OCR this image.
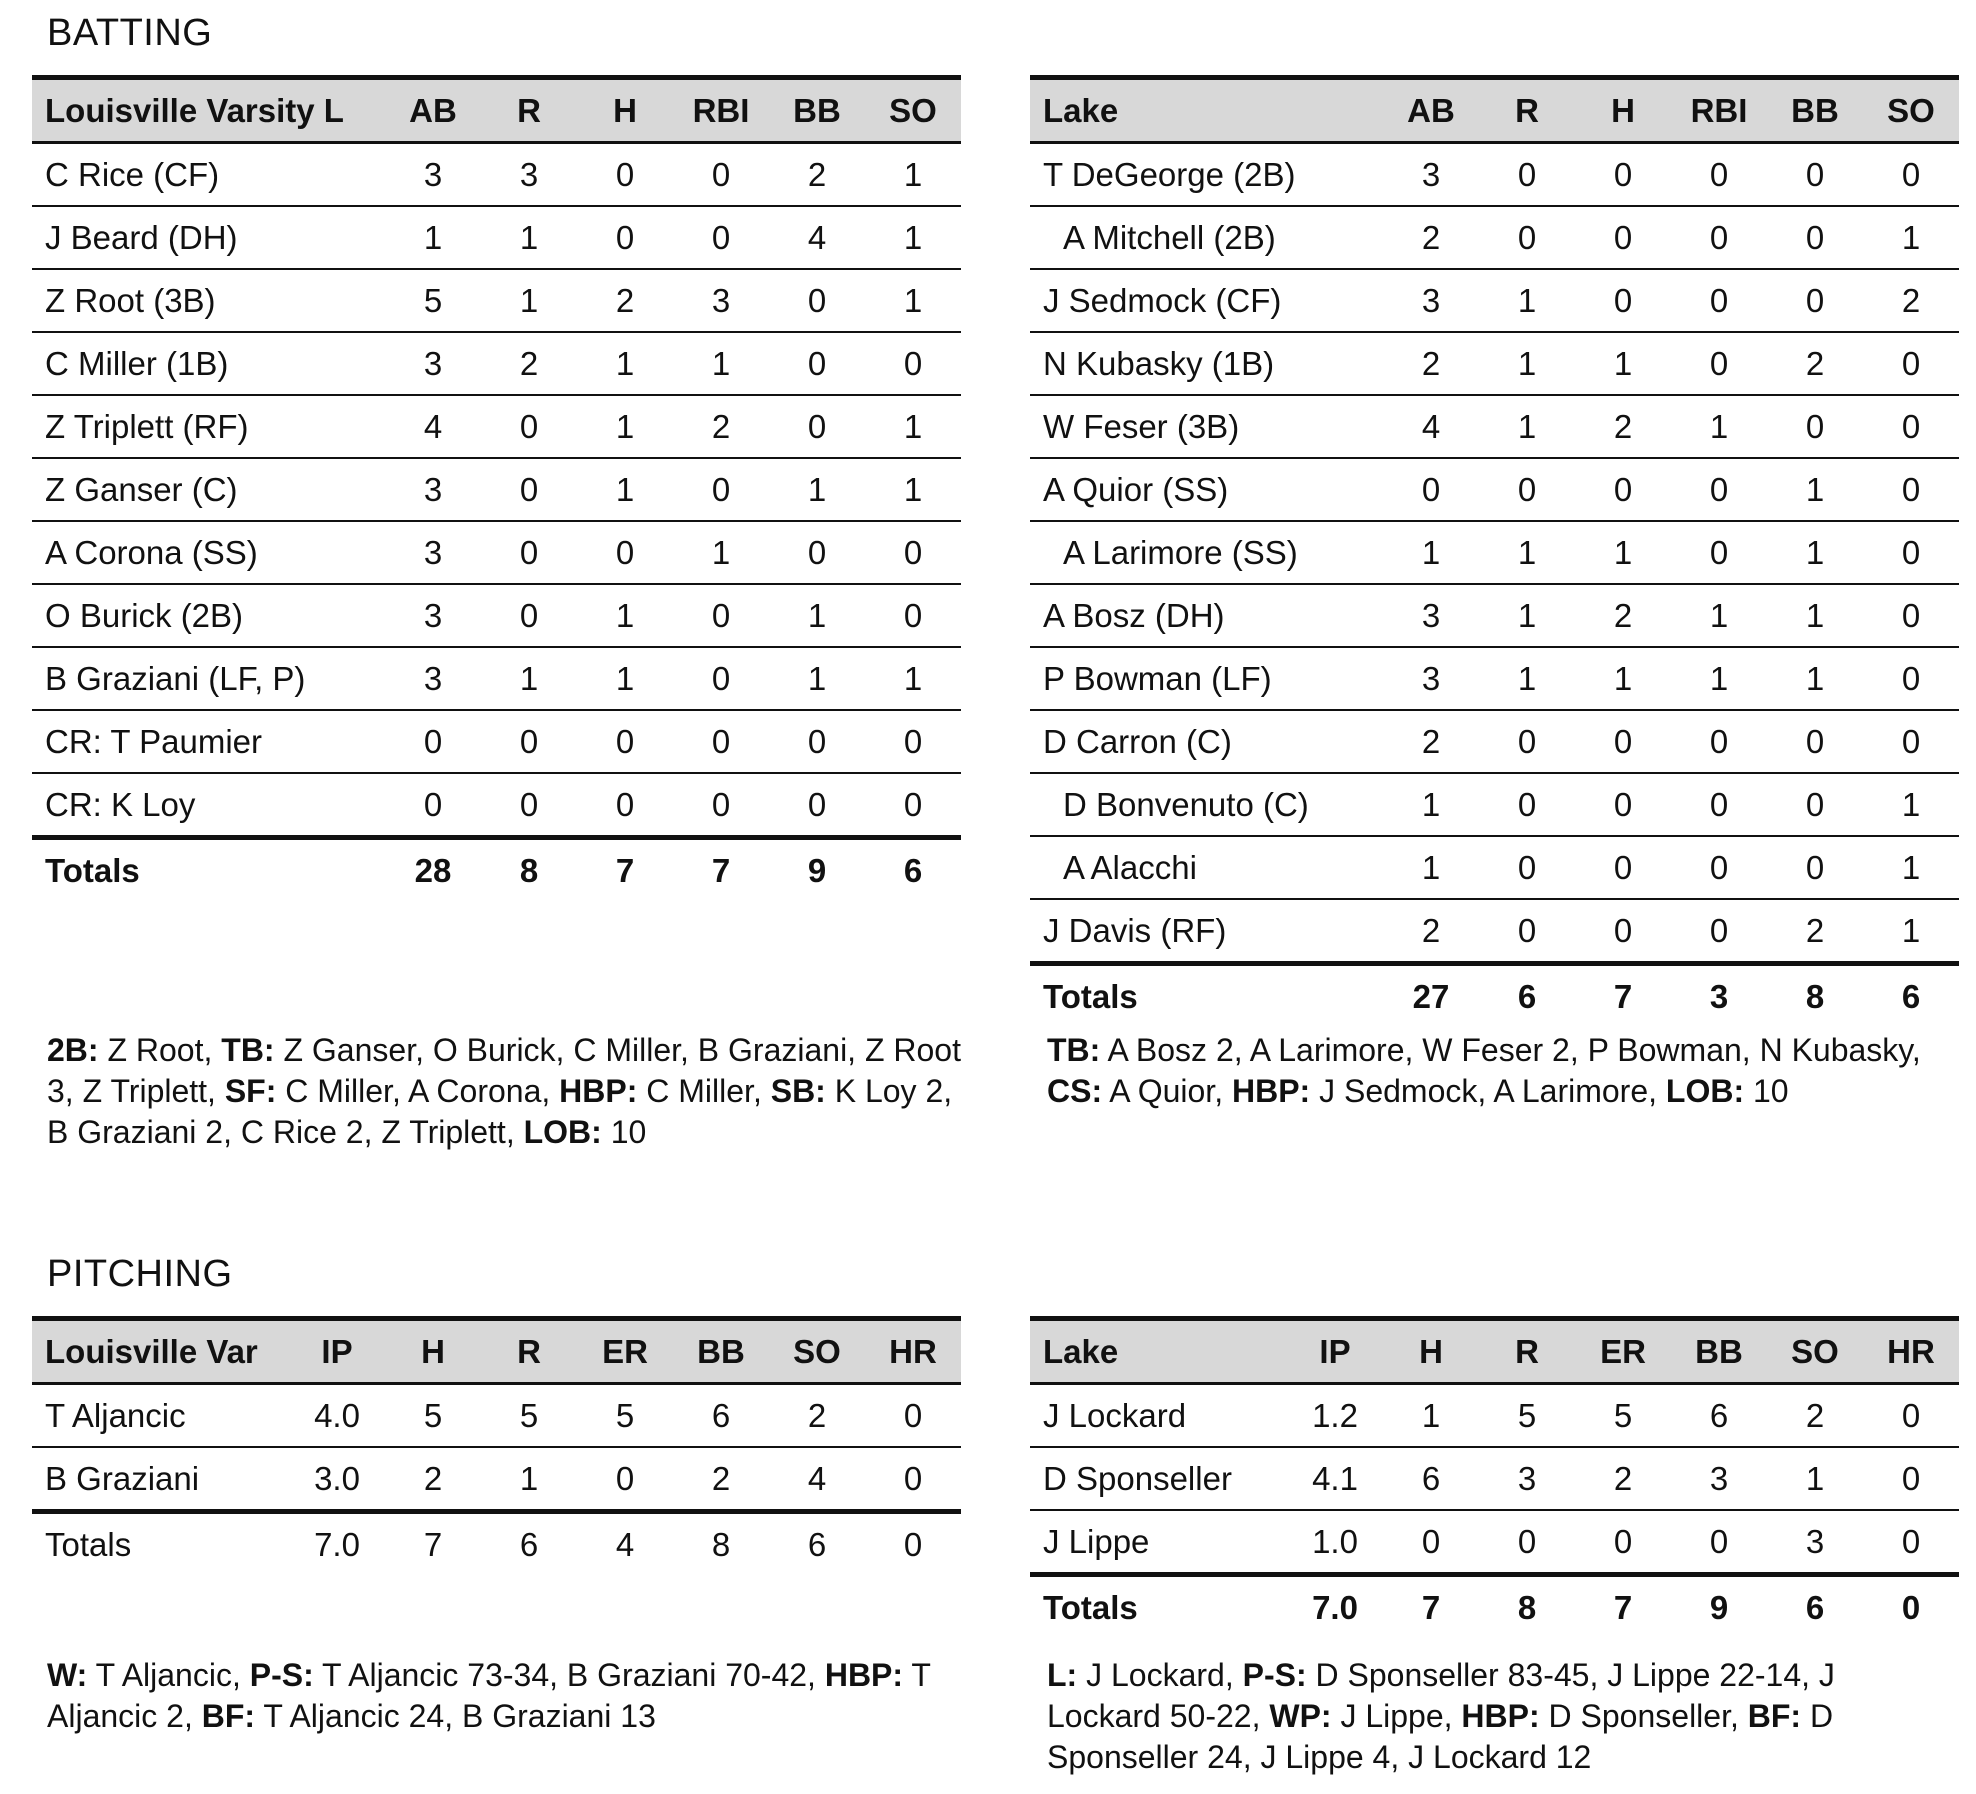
BATTING
Louisville Varsity L	AB	R	H	RBI	BB	SO
C Rice (CF)	3	3	0	0	2	1
J Beard (DH)	1	1	0	0	4	1
Z Root (3B)	5	1	2	3	0	1
C Miller (1B)	3	2	1	1	0	0
Z Triplett (RF)	4	0	1	2	0	1
Z Ganser (C)	3	0	1	0	1	1
A Corona (SS)	3	0	0	1	0	0
O Burick (2B)	3	0	1	0	1	0
B Graziani (LF, P)	3	1	1	0	1	1
CR: T Paumier	0	0	0	0	0	0
CR: K Loy	0	0	0	0	0	0
Totals	28	8	7	7	9	6
Lake	AB	R	H	RBI	BB	SO
T DeGeorge (2B)	3	0	0	0	0	0
A Mitchell (2B)	2	0	0	0	0	1
J Sedmock (CF)	3	1	0	0	0	2
N Kubasky (1B)	2	1	1	0	2	0
W Feser (3B)	4	1	2	1	0	0
A Quior (SS)	0	0	0	0	1	0
A Larimore (SS)	1	1	1	0	1	0
A Bosz (DH)	3	1	2	1	1	0
P Bowman (LF)	3	1	1	1	1	0
D Carron (C)	2	0	0	0	0	0
D Bonvenuto (C)	1	0	0	0	0	1
A Alacchi	1	0	0	0	0	1
J Davis (RF)	2	0	0	0	2	1
Totals	27	6	7	3	8	6
2B: Z Root, TB: Z Ganser, O Burick, C Miller, B Graziani, Z Root 3, Z Triplett, SF: C Miller, A Corona, HBP: C Miller, SB: K Loy 2, B Graziani 2, C Rice 2, Z Triplett, LOB: 10
TB: A Bosz 2, A Larimore, W Feser 2, P Bowman, N Kubasky, CS: A Quior, HBP: J Sedmock, A Larimore, LOB: 10
PITCHING
Louisville Var	IP	H	R	ER	BB	SO	HR
T Aljancic	4.0	5	5	5	6	2	0
B Graziani	3.0	2	1	0	2	4	0
Totals	7.0	7	6	4	8	6	0
Lake	IP	H	R	ER	BB	SO	HR
J Lockard	1.2	1	5	5	6	2	0
D Sponseller	4.1	6	3	2	3	1	0
J Lippe	1.0	0	0	0	0	3	0
Totals	7.0	7	8	7	9	6	0
W: T Aljancic, P-S: T Aljancic 73-34, B Graziani 70-42, HBP: T Aljancic 2, BF: T Aljancic 24, B Graziani 13
L: J Lockard, P-S: D Sponseller 83-45, J Lippe 22-14, J Lockard 50-22, WP: J Lippe, HBP: D Sponseller, BF: D Sponseller 24, J Lippe 4, J Lockard 12
